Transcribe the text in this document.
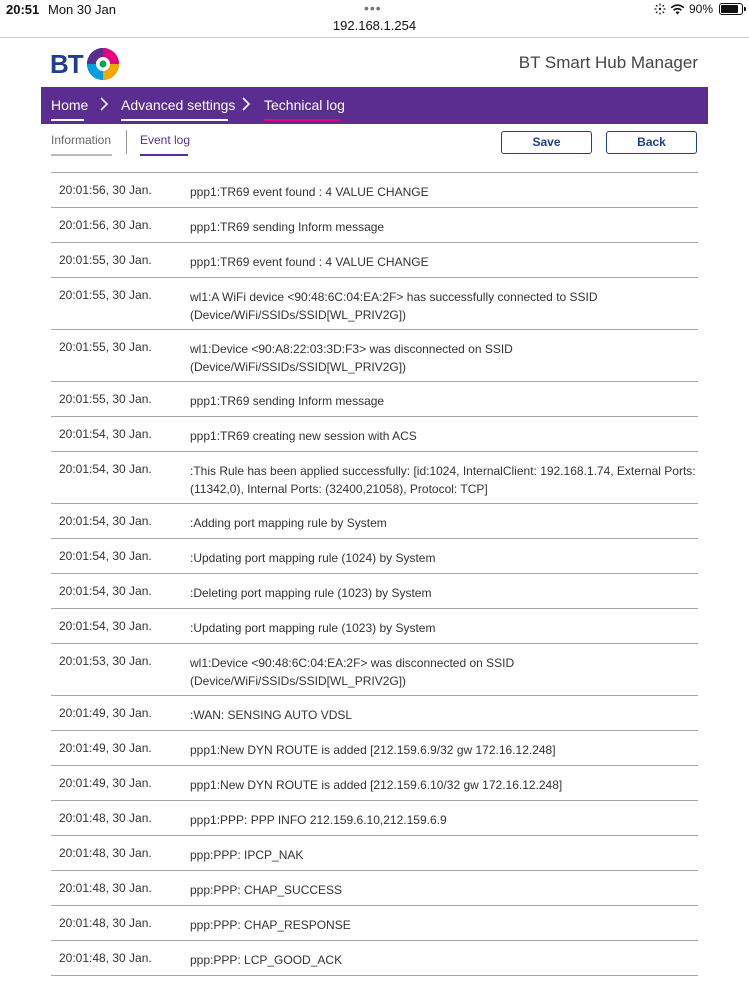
20:51 Mon 30 Jan	•••
192.168.1.254
90%
BT	BT Smart Hub Manager
Home Advanced settings Technical log
Information Event log	Save	Back
20:01:56, 30 Jan.	ppp1:TR69 event found : 4 VALUE CHANGE
20:01:56, 30 Jan.	ppp1:TR69 sending Inform message
20:01:55, 30 Jan.	ppp1:TR69 event found : 4 VALUE CHANGE
20:01:55, 30 Jan.	wl1:A WiFi device <90:48:6C:04:EA:2F> has successfully connected to SSID (Device/WiFi/SSIDs/SSID[WL_PRIV2G])
20:01:55, 30 Jan.	wl1:Device <90:A8:22:03:3D:F3> was disconnected on SSID (Device/WiFi/SSIDs/SSID[WL_PRIV2G])
20:01:55, 30 Jan.	ppp1:TR69 sending Inform message
20:01:54, 30 Jan.	ppp1:TR69 creating new session with ACS
20:01:54, 30 Jan.	:This Rule has been applied successfully: [id:1024, InternalClient: 192.168.1.74, External Ports: (11342,0), Internal Ports: (32400,21058), Protocol: TCP]
20:01:54, 30 Jan.	:Adding port mapping rule by System
20:01:54, 30 Jan.	:Updating port mapping rule (1024) by System
20:01:54, 30 Jan.	:Deleting port mapping rule (1023) by System
20:01:54, 30 Jan.	:Updating port mapping rule (1023) by System
20:01:53, 30 Jan.	wl1:Device <90:48:6C:04:EA:2F> was disconnected on SSID (Device/WiFi/SSIDs/SSID[WL_PRIV2G])
20:01:49, 30 Jan.	:WAN: SENSING AUTO VDSL
20:01:49, 30 Jan.	ppp1:New DYN ROUTE is added [212.159.6.9/32 gw 172.16.12.248]
20:01:49, 30 Jan.	ppp1:New DYN ROUTE is added [212.159.6.10/32 gw 172.16.12.248]
20:01:48, 30 Jan.	ppp1:PPP: PPP INFO 212.159.6.10,212.159.6.9
20:01:48, 30 Jan.	ppp:PPP: IPCP_NAK
20:01:48, 30 Jan.	ppp:PPP: CHAP_SUCCESS
20:01:48, 30 Jan.	ppp:PPP: CHAP_RESPONSE
20:01:48, 30 Jan.	ppp:PPP: LCP_GOOD_ACK
